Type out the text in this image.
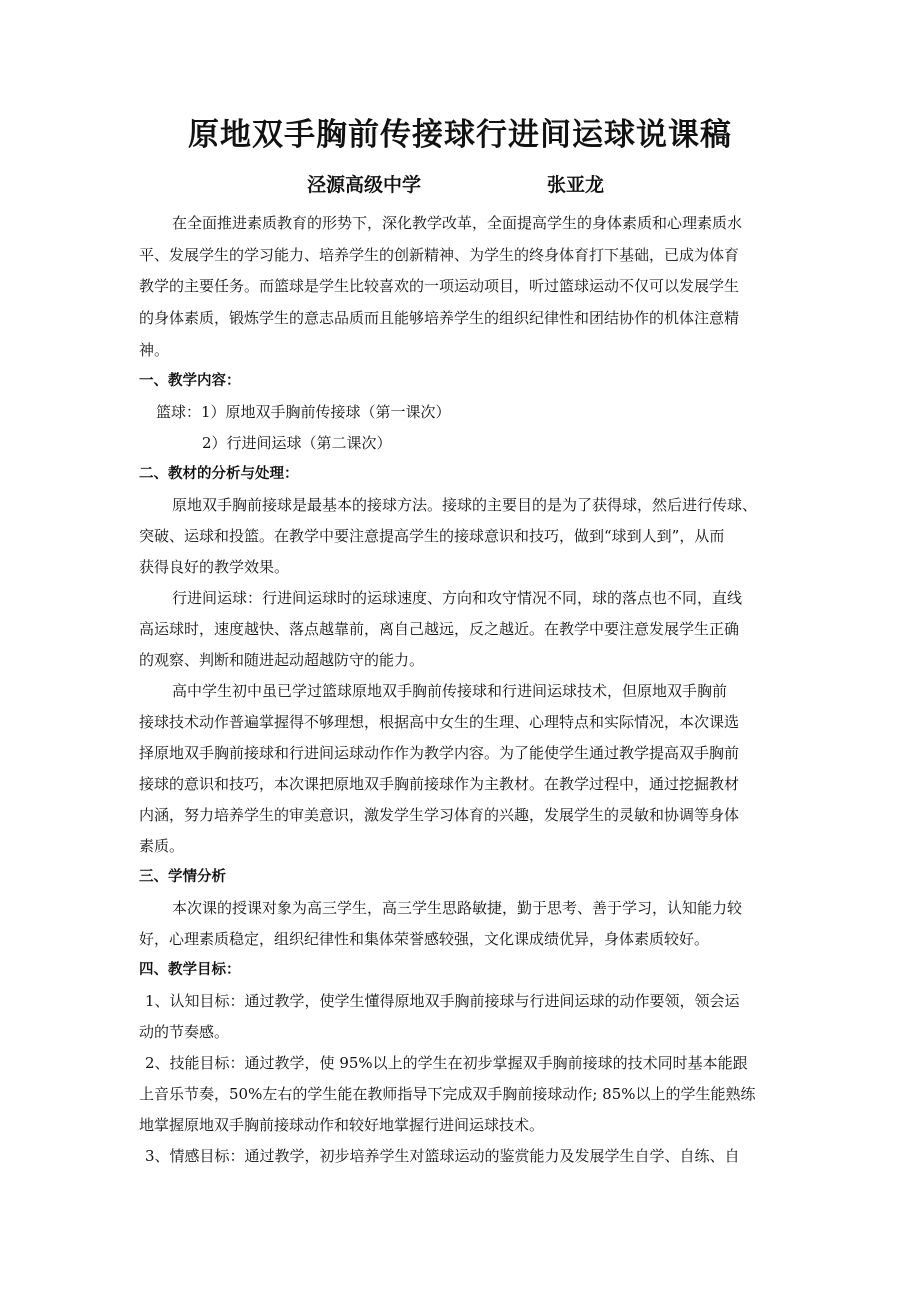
原地双手胸前传接球行进间运球说课稿
泾源高级中学	张亚龙
在全面推进素质教育的形势下，深化教学改革，全面提高学生的身体素质和心理素质水
平、发展学生的学习能力、培养学生的创新精神、为学生的终身体育打下基础，已成为体育
教学的主要任务。而篮球是学生比较喜欢的一项运动项目，听过篮球运动不仅可以发展学生
的身体素质，锻炼学生的意志品质而且能够培养学生的组织纪律性和团结协作的机体注意精
神。
一、教学内容：
篮球：1）原地双手胸前传接球（第一课次）
2）行进间运球（第二课次）
二、教材的分析与处理：
原地双手胸前接球是最基本的接球方法。接球的主要目的是为了获得球，然后进行传球、
突破、运球和投篮。在教学中要注意提高学生的接球意识和技巧，做到“球到人到”，从而
获得良好的教学效果。
行进间运球：行进间运球时的运球速度、方向和攻守情况不同，球的落点也不同，直线
高运球时，速度越快、落点越靠前，离自己越远，反之越近。在教学中要注意发展学生正确
的观察、判断和随进起动超越防守的能力。
高中学生初中虽已学过篮球原地双手胸前传接球和行进间运球技术，但原地双手胸前
接球技术动作普遍掌握得不够理想，根据高中女生的生理、心理特点和实际情况，本次课选
择原地双手胸前接球和行进间运球动作作为教学内容。为了能使学生通过教学提高双手胸前
接球的意识和技巧，本次课把原地双手胸前接球作为主教材。在教学过程中，通过挖掘教材
内涵，努力培养学生的审美意识，激发学生学习体育的兴趣，发展学生的灵敏和协调等身体
素质。
三、学情分析
本次课的授课对象为高三学生，高三学生思路敏捷，勤于思考、善于学习，认知能力较
好，心理素质稳定，组织纪律性和集体荣誉感较强，文化课成绩优异，身体素质较好。
四、教学目标：
1、认知目标：通过教学，使学生懂得原地双手胸前接球与行进间运球的动作要领，领会运
动的节奏感。
2、技能目标：通过教学，使 95%以上的学生在初步掌握双手胸前接球的技术同时基本能跟
上音乐节奏，50%左右的学生能在教师指导下完成双手胸前接球动作; 85%以上的学生能熟练
地掌握原地双手胸前接球动作和较好地掌握行进间运球技术。
3、情感目标：通过教学，初步培养学生对篮球运动的鉴赏能力及发展学生自学、自练、自
